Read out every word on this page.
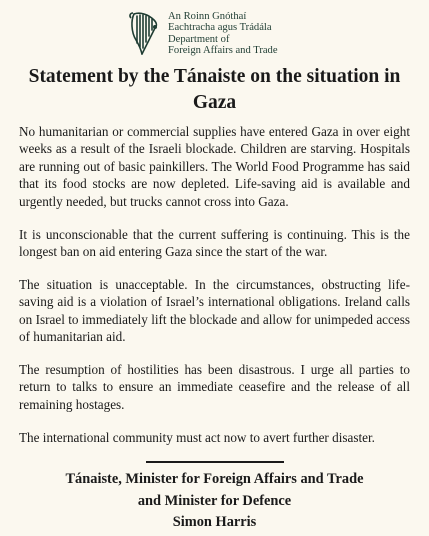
An Roinn Gnóthaí
Eachtracha agus Trádála
Department of
Foreign Affairs and Trade
Statement by the Tánaiste on the situation in Gaza

No humanitarian or commercial supplies have entered Gaza in over eight weeks as a result of the Israeli blockade. Children are starving. Hospitals are running out of basic painkillers. The World Food Programme has said that its food stocks are now depleted. Life-saving aid is available and urgently needed, but trucks cannot cross into Gaza.

It is unconscionable that the current suffering is continuing. This is the longest ban on aid entering Gaza since the start of the war.

The situation is unacceptable. In the circumstances, obstructing life-saving aid is a violation of Israel’s international obligations. Ireland calls on Israel to immediately lift the blockade and allow for unimpeded access of humanitarian aid.

The resumption of hostilities has been disastrous. I urge all parties to return to talks to ensure an immediate ceasefire and the release of all remaining hostages.

The international community must act now to avert further disaster.

Tánaiste, Minister for Foreign Affairs and Trade
and Minister for Defence
Simon Harris
